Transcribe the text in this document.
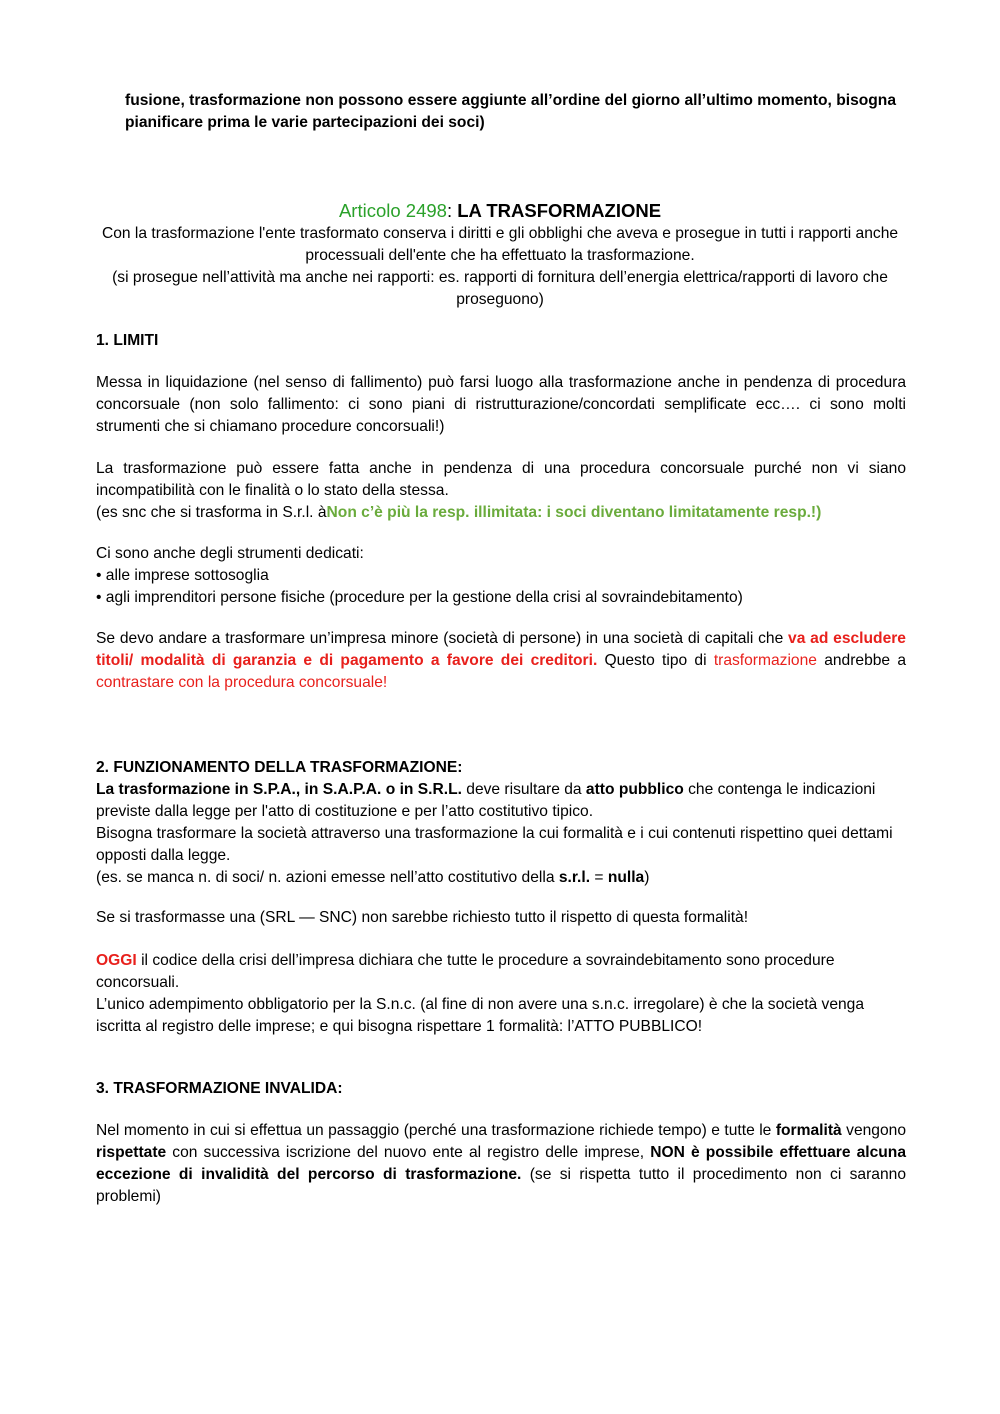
fusione, trasformazione non possono essere aggiunte all’ordine del giorno all’ultimo momento, bisogna pianificare prima le varie partecipazioni dei soci)

Articolo 2498: LA TRASFORMAZIONE

Con la trasformazione l'ente trasformato conserva i diritti e gli obblighi che aveva e prosegue in tutti i rapporti anche processuali dell'ente che ha effettuato la trasformazione.

(si prosegue nell’attività ma anche nei rapporti: es. rapporti di fornitura dell’energia elettrica/rapporti di lavoro che proseguono)

1. LIMITI

Messa in liquidazione (nel senso di fallimento) può farsi luogo alla trasformazione anche in pendenza di procedura concorsuale (non solo fallimento: ci sono piani di ristrutturazione/concordati semplificate ecc…. ci sono molti strumenti che si chiamano procedure concorsuali!)

La trasformazione può essere fatta anche in pendenza di una procedura concorsuale purché non vi siano incompatibilità con le finalità o lo stato della stessa.

(es snc che si trasforma in S.r.l. àNon c’è più la resp. illimitata: i soci diventano limitatamente resp.!)

Ci sono anche degli strumenti dedicati:

• alle imprese sottosoglia

• agli imprenditori persone fisiche (procedure per la gestione della crisi al sovraindebitamento)

Se devo andare a trasformare un’impresa minore (società di persone) in una società di capitali che va ad escludere titoli/ modalità di garanzia e di pagamento a favore dei creditori. Questo tipo di trasformazione andrebbe a contrastare con la procedura concorsuale!

2. FUNZIONAMENTO DELLA TRASFORMAZIONE:

La trasformazione in S.P.A., in S.A.P.A. o in S.R.L. deve risultare da atto pubblico che contenga le indicazioni previste dalla legge per l'atto di costituzione e per l’atto costitutivo tipico.

Bisogna trasformare la società attraverso una trasformazione la cui formalità e i cui contenuti rispettino quei dettami opposti dalla legge.

(es. se manca n. di soci/ n. azioni emesse nell’atto costitutivo della s.r.l. = nulla)

Se si trasformasse una (SRL — SNC) non sarebbe richiesto tutto il rispetto di questa formalità!

OGGI il codice della crisi dell’impresa dichiara che tutte le procedure a sovraindebitamento sono procedure concorsuali.

L’unico adempimento obbligatorio per la S.n.c. (al fine di non avere una s.n.c. irregolare) è che la società venga iscritta al registro delle imprese; e qui bisogna rispettare 1 formalità: l’ATTO PUBBLICO!

3. TRASFORMAZIONE INVALIDA:

Nel momento in cui si effettua un passaggio (perché una trasformazione richiede tempo) e tutte le formalità vengono rispettate con successiva iscrizione del nuovo ente al registro delle imprese, NON è possibile effettuare alcuna eccezione di invalidità del percorso di trasformazione. (se si rispetta tutto il procedimento non ci saranno problemi)
